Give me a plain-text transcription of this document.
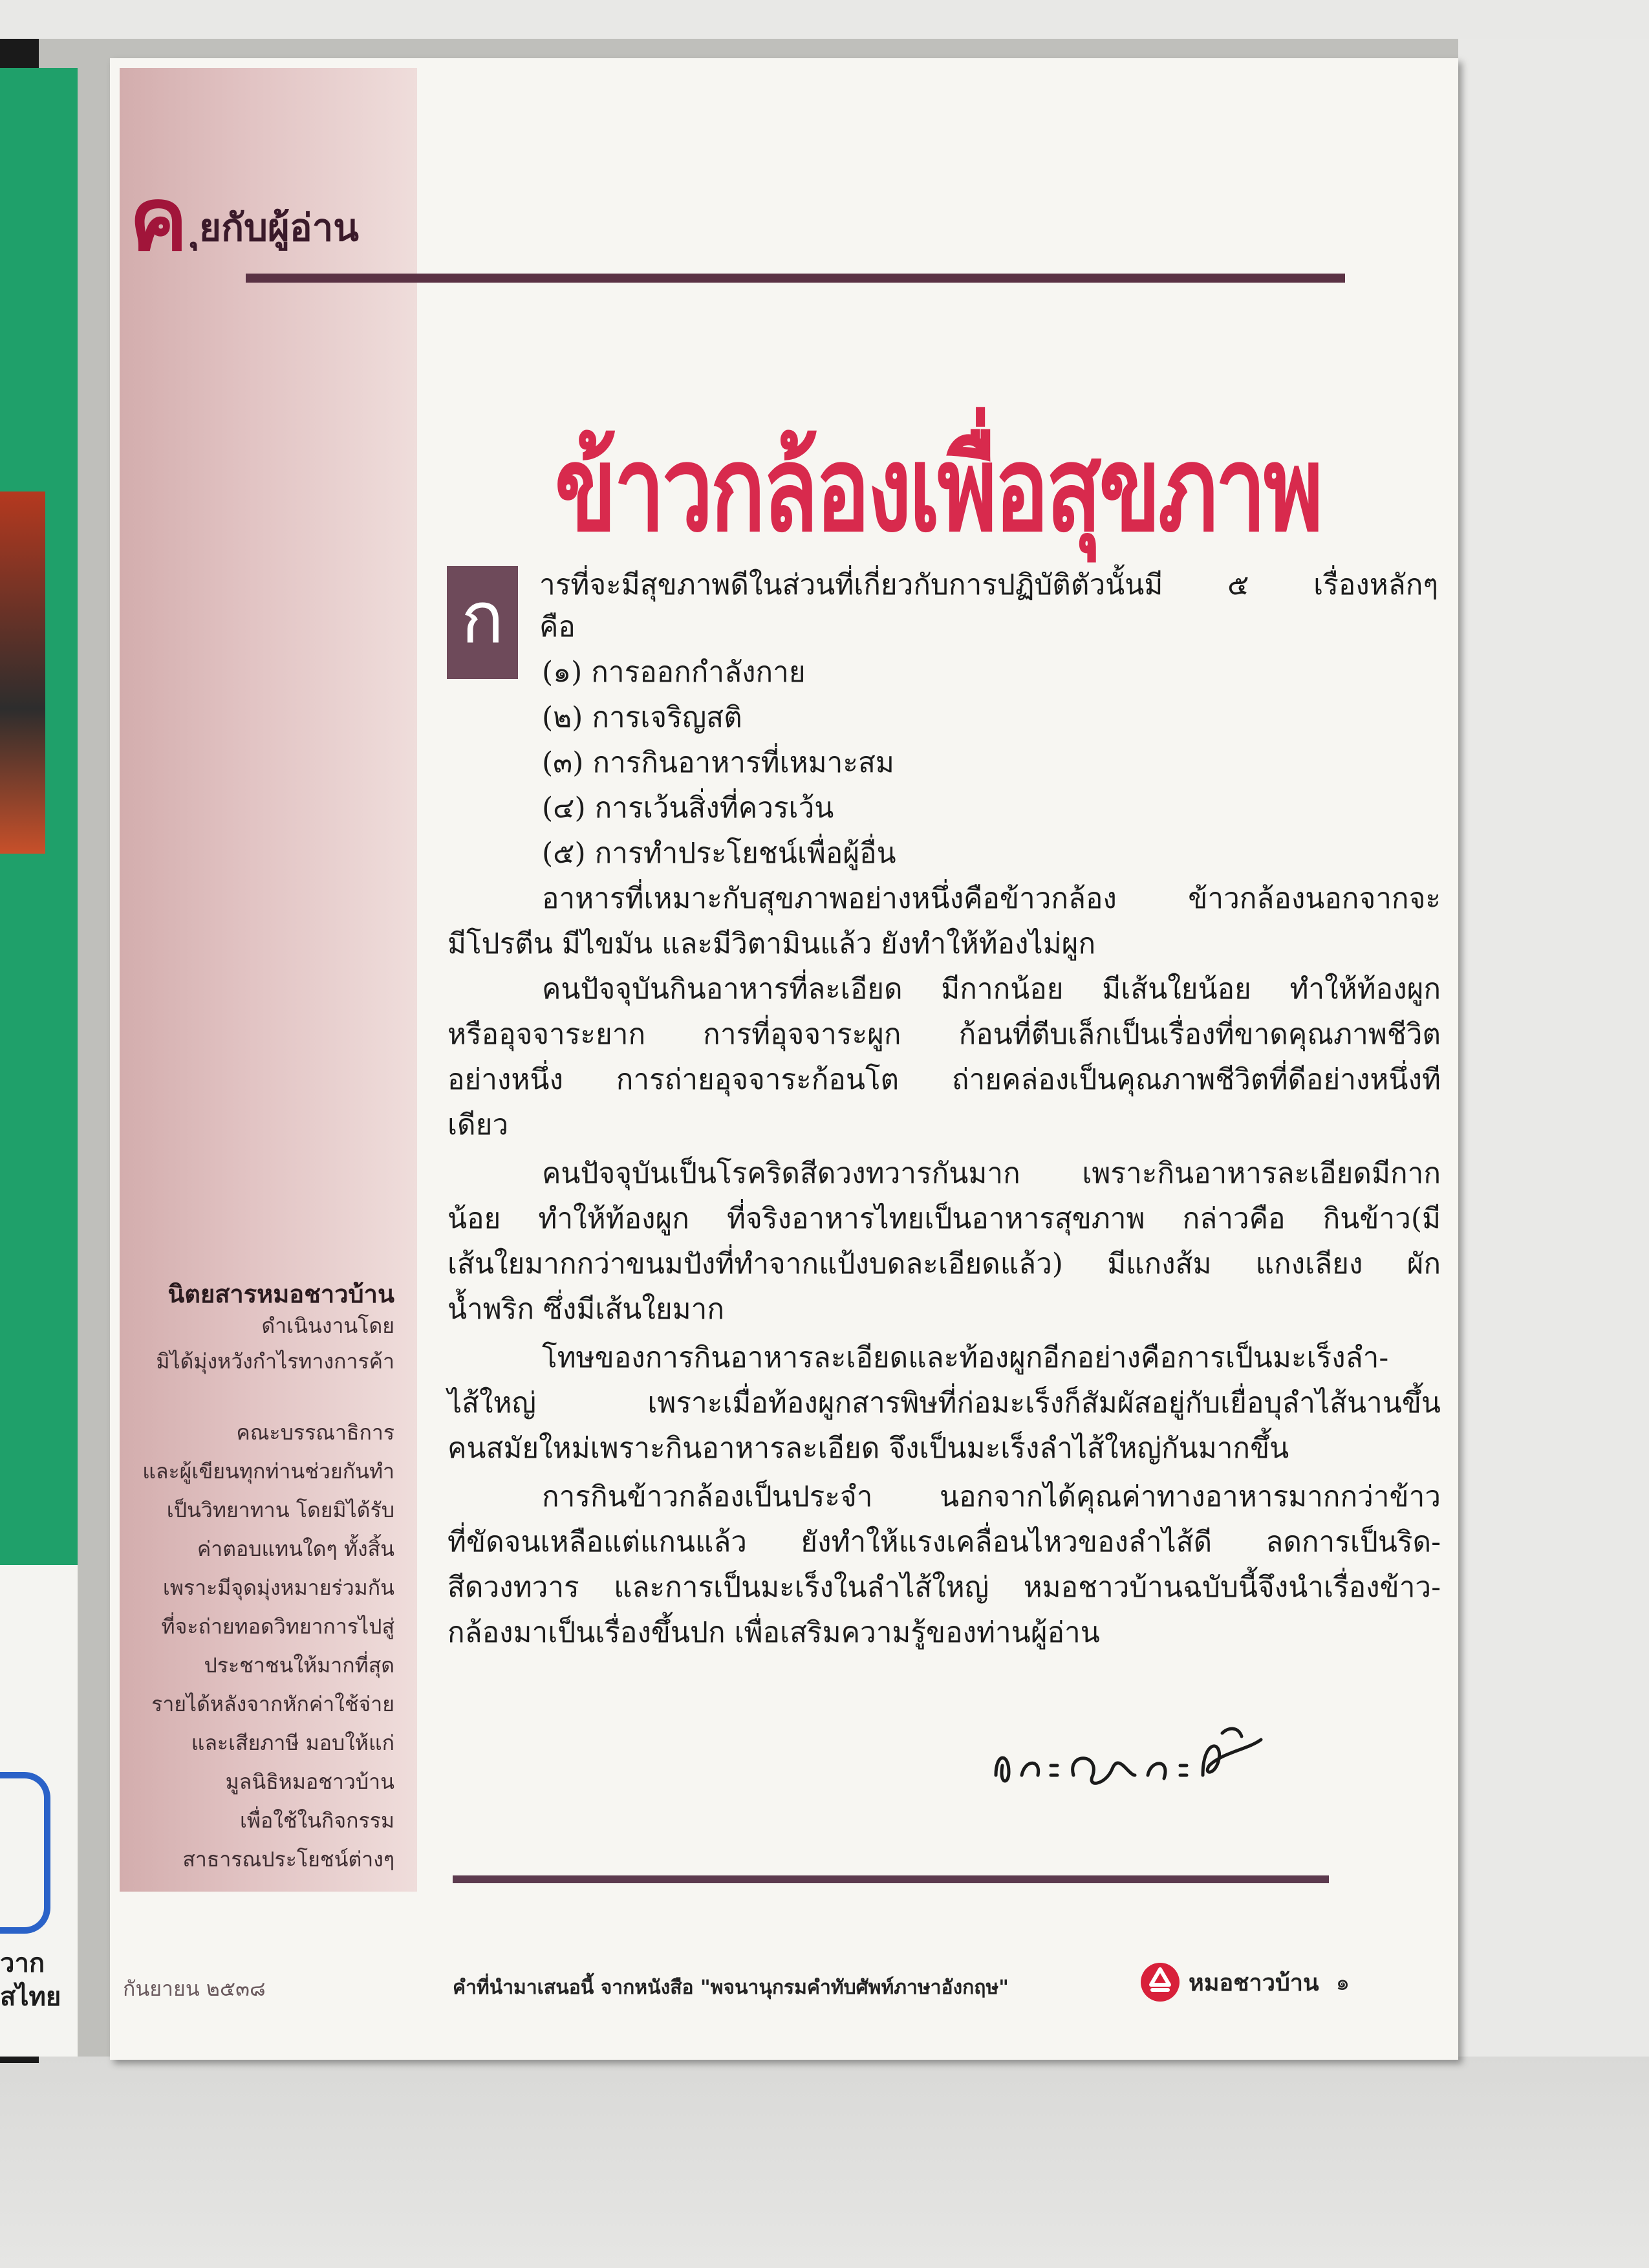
วาก
สไทย
ค ุยกับผู้อ่าน
ข้าวกล้องเพื่อสุขภาพ
ก	ารที่จะมีสุขภาพดีในส่วนที่เกี่ยวกับการปฏิบัติตัวนั้นมี ๕ เรื่องหลักๆ
คือ
(๑) การออกกำลังกาย
(๒) การเจริญสติ
(๓) การกินอาหารที่เหมาะสม
(๔) การเว้นสิ่งที่ควรเว้น
(๕) การทำประโยชน์เพื่อผู้อื่น
อาหารที่เหมาะกับสุขภาพอย่างหนึ่งคือข้าวกล้อง ข้าวกล้องนอกจากจะ
มีโปรตีน มีไขมัน และมีวิตามินแล้ว ยังทำให้ท้องไม่ผูก
คนปัจจุบันกินอาหารที่ละเอียด มีกากน้อย มีเส้นใยน้อย ทำให้ท้องผูก
หรืออุจจาระยาก การที่อุจจาระผูก ก้อนที่ตีบเล็กเป็นเรื่องที่ขาดคุณภาพชีวิต
อย่างหนึ่ง การถ่ายอุจจาระก้อนโต ถ่ายคล่องเป็นคุณภาพชีวิตที่ดีอย่างหนึ่งที
เดียว
คนปัจจุบันเป็นโรคริดสีดวงทวารกันมาก เพราะกินอาหารละเอียดมีกาก
น้อย ทำให้ท้องผูก ที่จริงอาหารไทยเป็นอาหารสุขภาพ กล่าวคือ กินข้าว(มี
เส้นใยมากกว่าขนมปังที่ทำจากแป้งบดละเอียดแล้ว) มีแกงส้ม แกงเลียง ผัก
น้ำพริก ซึ่งมีเส้นใยมาก
โทษของการกินอาหารละเอียดและท้องผูกอีกอย่างคือการเป็นมะเร็งลำ-
ไส้ใหญ่ เพราะเมื่อท้องผูกสารพิษที่ก่อมะเร็งก็สัมผัสอยู่กับเยื่อบุลำไส้นานขึ้น
คนสมัยใหม่เพราะกินอาหารละเอียด จึงเป็นมะเร็งลำไส้ใหญ่กันมากขึ้น
การกินข้าวกล้องเป็นประจำ นอกจากได้คุณค่าทางอาหารมากกว่าข้าว
ที่ขัดจนเหลือแต่แกนแล้ว ยังทำให้แรงเคลื่อนไหวของลำไส้ดี ลดการเป็นริด-
สีดวงทวาร และการเป็นมะเร็งในลำไส้ใหญ่ หมอชาวบ้านฉบับนี้จึงนำเรื่องข้าว-
กล้องมาเป็นเรื่องขึ้นปก เพื่อเสริมความรู้ของท่านผู้อ่าน
นิตยสารหมอชาวบ้าน
ดำเนินงานโดย
มิได้มุ่งหวังกำไรทางการค้า
คณะบรรณาธิการ
และผู้เขียนทุกท่านช่วยกันทำ
เป็นวิทยาทาน โดยมิได้รับ
ค่าตอบแทนใดๆ ทั้งสิ้น
เพราะมีจุดมุ่งหมายร่วมกัน
ที่จะถ่ายทอดวิทยาการไปสู่
ประชาชนให้มากที่สุด
รายได้หลังจากหักค่าใช้จ่าย
และเสียภาษี มอบให้แก่
มูลนิธิหมอชาวบ้าน
เพื่อใช้ในกิจกรรม
สาธารณประโยชน์ต่างๆ
กันยายน ๒๕๓๘	คำที่นำมาเสนอนี้ จากหนังสือ "พจนานุกรมคำทับศัพท์ภาษาอังกฤษ"	หมอชาวบ้าน ๑
